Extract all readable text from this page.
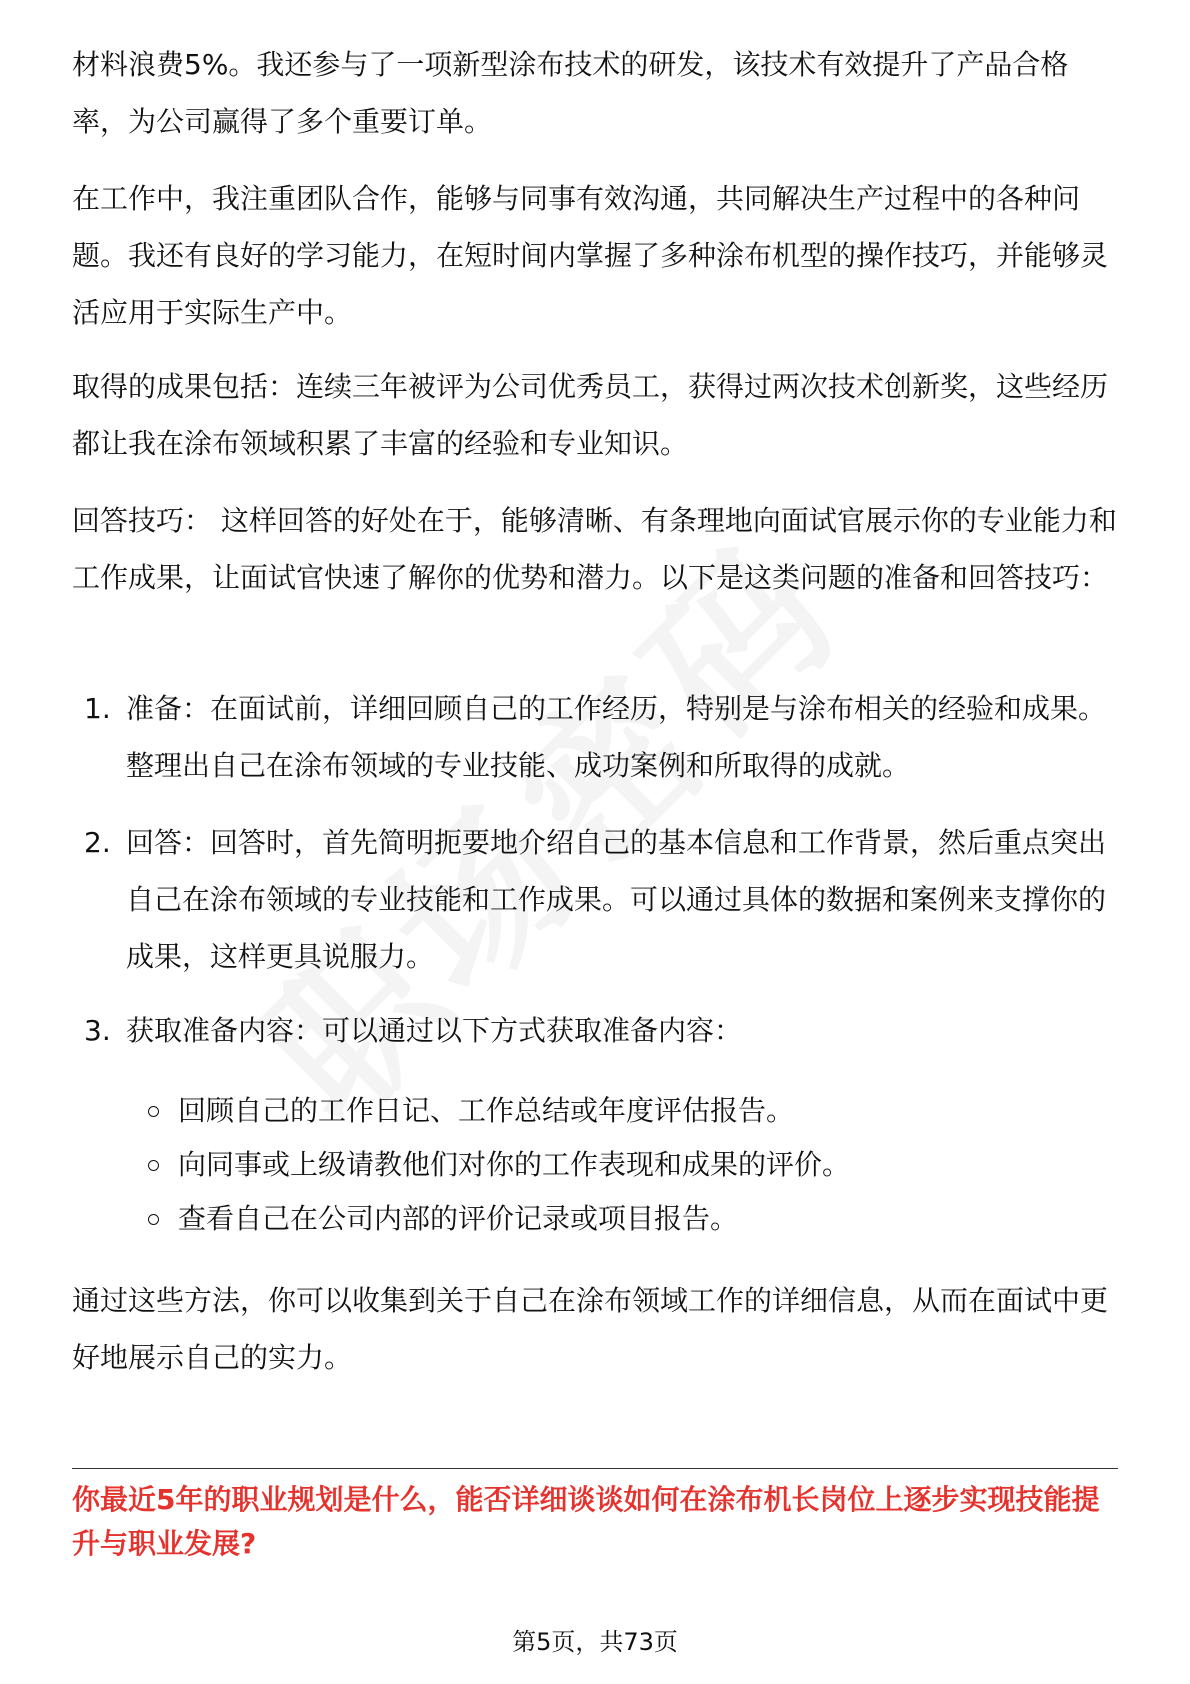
材料浪费5%。我还参与了一项新型涂布技术的研发，该技术有效提升了产品合格率，为公司赢得了多个重要订单。

在工作中，我注重团队合作，能够与同事有效沟通，共同解决生产过程中的各种问题。我还有良好的学习能力，在短时间内掌握了多种涂布机型的操作技巧，并能够灵活应用于实际生产中。

取得的成果包括：连续三年被评为公司优秀员工，获得过两次技术创新奖，这些经历都让我在涂布领域积累了丰富的经验和专业知识。

回答技巧： 这样回答的好处在于，能够清晰、有条理地向面试官展示你的专业能力和工作成果，让面试官快速了解你的优势和潜力。以下是这类问题的准备和回答技巧：

1. 准备：在面试前，详细回顾自己的工作经历，特别是与涂布相关的经验和成果。整理出自己在涂布领域的专业技能、成功案例和所取得的成就。
2. 回答：回答时，首先简明扼要地介绍自己的基本信息和工作背景，然后重点突出自己在涂布领域的专业技能和工作成果。可以通过具体的数据和案例来支撑你的成果，这样更具说服力。
3. 获取准备内容：可以通过以下方式获取准备内容：
回顾自己的工作日记、工作总结或年度评估报告。
向同事或上级请教他们对你的工作表现和成果的评价。
查看自己在公司内部的评价记录或项目报告。

通过这些方法，你可以收集到关于自己在涂布领域工作的详细信息，从而在面试中更好地展示自己的实力。

你最近5年的职业规划是什么，能否详细谈谈如何在涂布机长岗位上逐步实现技能提升与职业发展?
第5页，共73页
